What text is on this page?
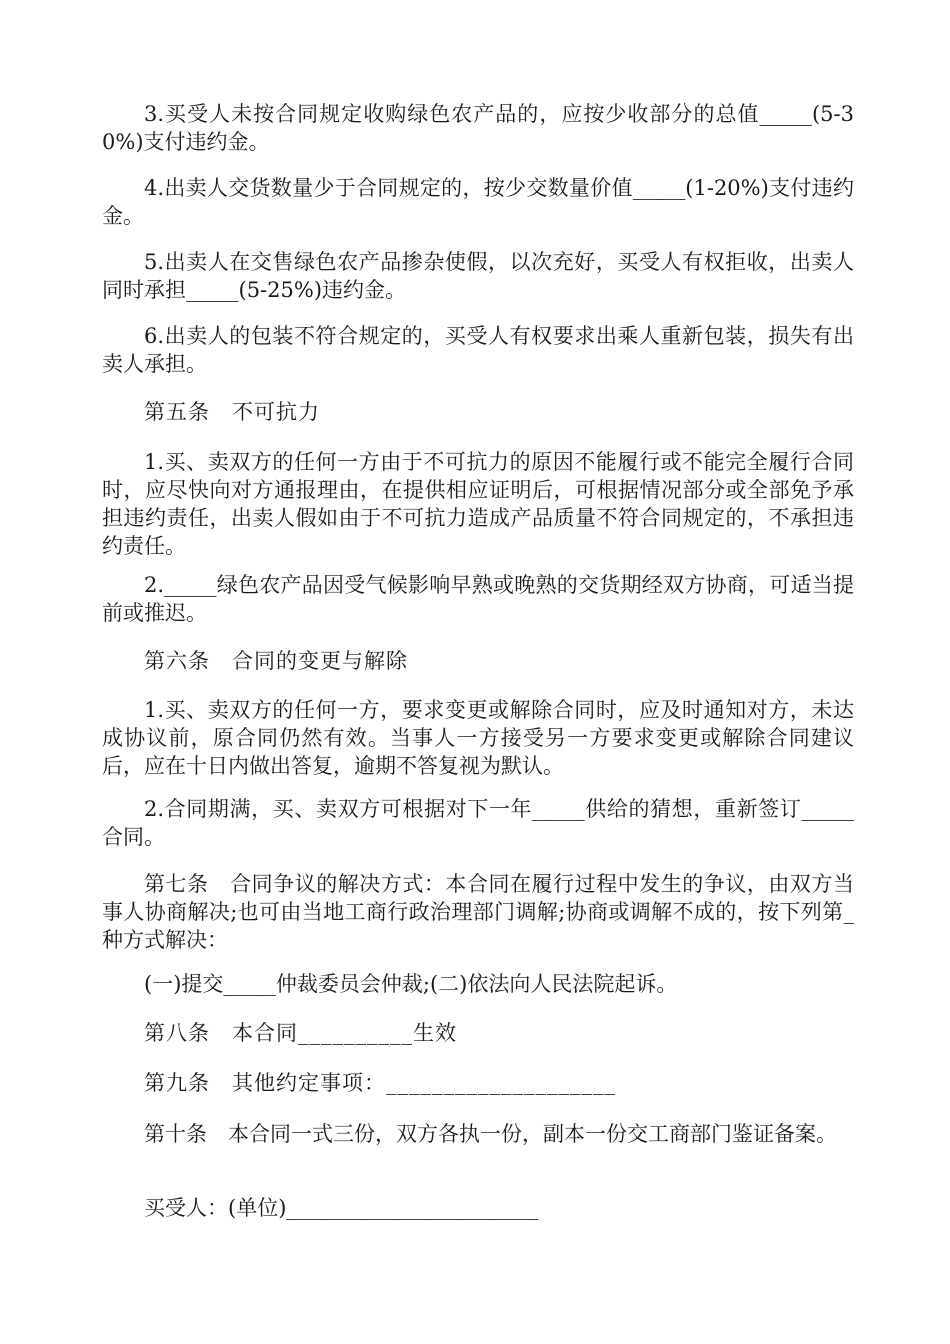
3.买受人未按合同规定收购绿色农产品的，应按少收部分的总值_____(5-30%)支付违约金。

4.出卖人交货数量少于合同规定的，按少交数量价值_____(1-20%)支付违约金。

5.出卖人在交售绿色农产品掺杂使假，以次充好，买受人有权拒收，出卖人同时承担_____(5-25%)违约金。

6.出卖人的包装不符合规定的，买受人有权要求出乘人重新包装，损失有出卖人承担。

第五条　不可抗力

1.买、卖双方的任何一方由于不可抗力的原因不能履行或不能完全履行合同时，应尽快向对方通报理由，在提供相应证明后，可根据情况部分或全部免予承担违约责任，出卖人假如由于不可抗力造成产品质量不符合同规定的，不承担违约责任。

2._____绿色农产品因受气候影响早熟或晚熟的交货期经双方协商，可适当提前或推迟。

第六条　合同的变更与解除

1.买、卖双方的任何一方，要求变更或解除合同时，应及时通知对方，未达成协议前，原合同仍然有效。当事人一方接受另一方要求变更或解除合同建议后，应在十日内做出答复，逾期不答复视为默认。

2.合同期满，买、卖双方可根据对下一年_____供给的猜想，重新签订_____合同。

第七条　合同争议的解决方式：本合同在履行过程中发生的争议，由双方当事人协商解决;也可由当地工商行政治理部门调解;协商或调解不成的，按下列第_种方式解决：

(一)提交_____仲裁委员会仲裁;(二)依法向人民法院起诉。

第八条　本合同__________生效

第九条　其他约定事项：____________________

第十条　本合同一式三份，双方各执一份，副本一份交工商部门鉴证备案。

买受人：(单位)________________________
